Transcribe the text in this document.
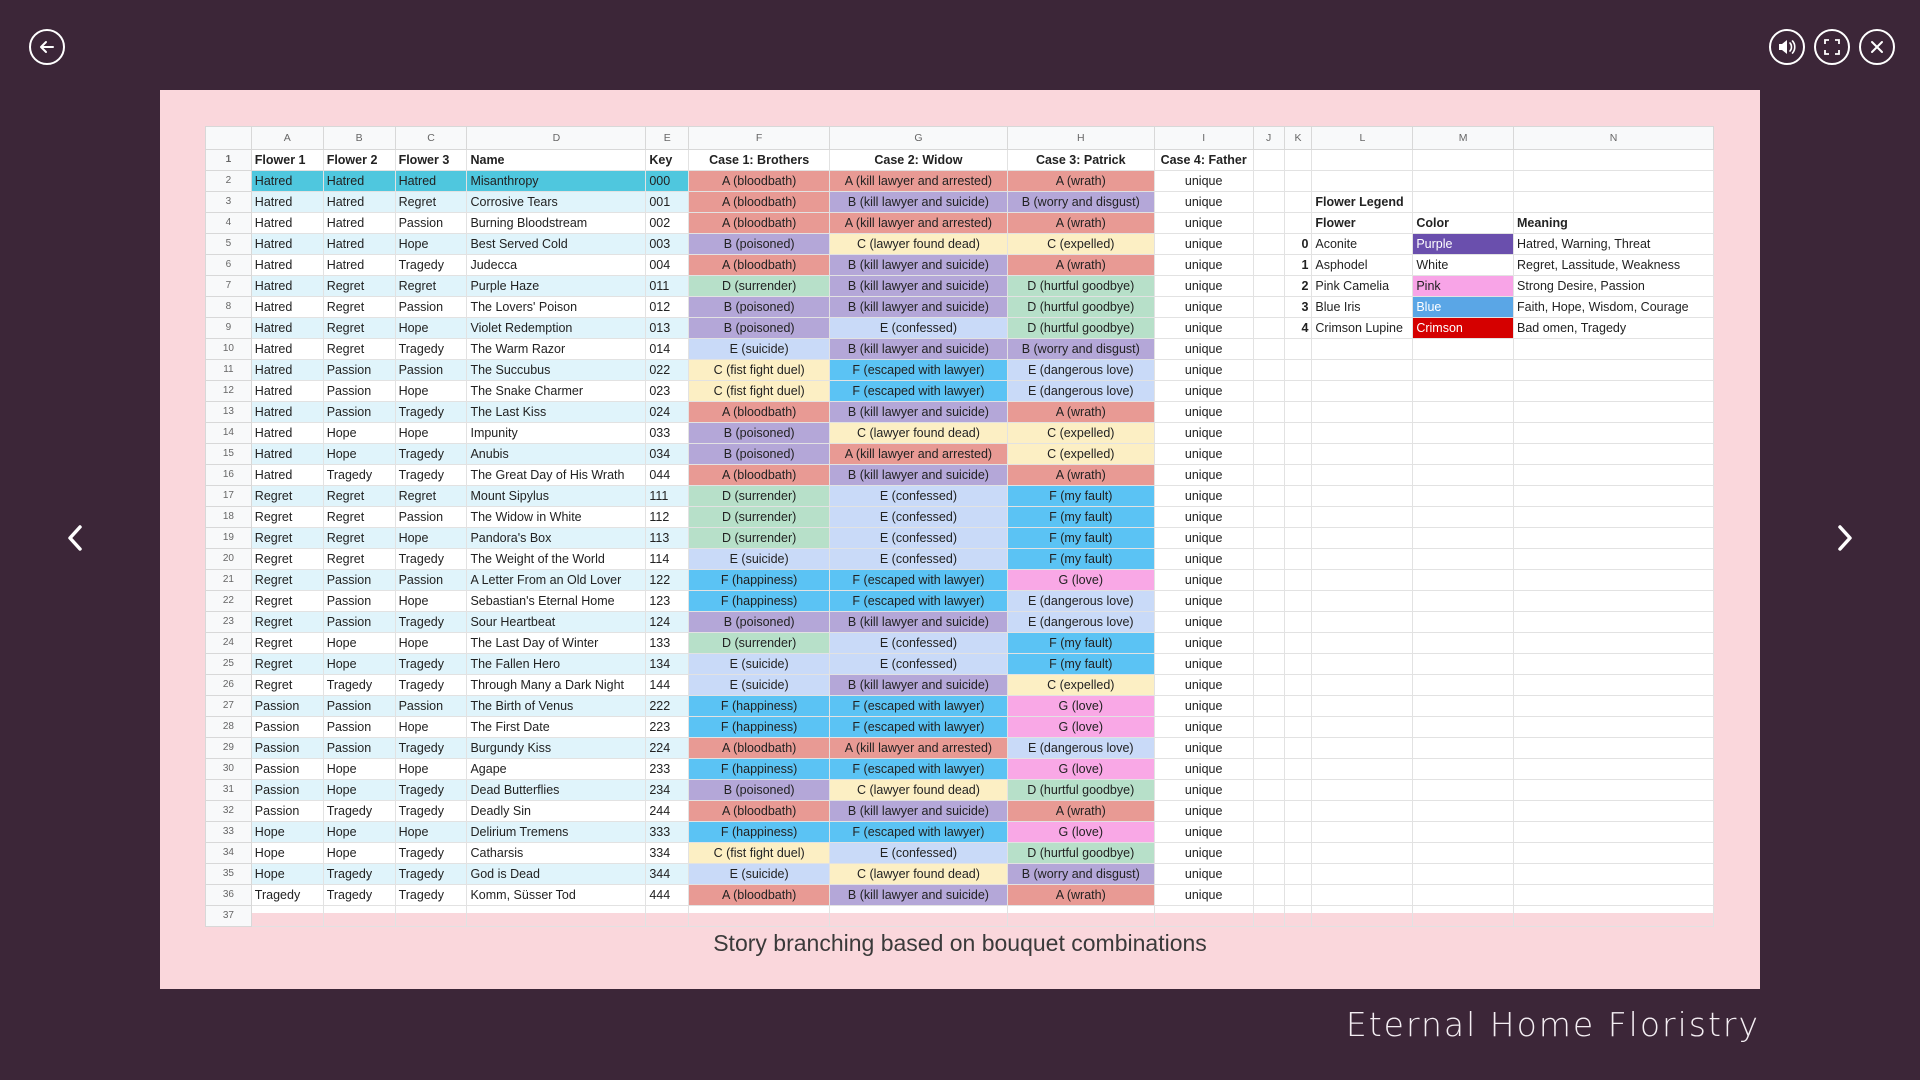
	A	B	C	D	E	F	G	H	I	J	K	L	M	N
1	Flower 1	Flower 2	Flower 3	Name	Key	Case 1: Brothers	Case 2: Widow	Case 3: Patrick	Case 4: Father					
2	Hatred	Hatred	Hatred	Misanthropy	000	A (bloodbath)	A (kill lawyer and arrested)	A (wrath)	unique					
3	Hatred	Hatred	Regret	Corrosive Tears	001	A (bloodbath)	B (kill lawyer and suicide)	B (worry and disgust)	unique			Flower Legend		
4	Hatred	Hatred	Passion	Burning Bloodstream	002	A (bloodbath)	A (kill lawyer and arrested)	A (wrath)	unique			Flower	Color	Meaning
5	Hatred	Hatred	Hope	Best Served Cold	003	B (poisoned)	C (lawyer found dead)	C (expelled)	unique		0	Aconite	Purple	Hatred, Warning, Threat
6	Hatred	Hatred	Tragedy	Judecca	004	A (bloodbath)	B (kill lawyer and suicide)	A (wrath)	unique		1	Asphodel	White	Regret, Lassitude, Weakness
7	Hatred	Regret	Regret	Purple Haze	011	D (surrender)	B (kill lawyer and suicide)	D (hurtful goodbye)	unique		2	Pink Camelia	Pink	Strong Desire, Passion
8	Hatred	Regret	Passion	The Lovers' Poison	012	B (poisoned)	B (kill lawyer and suicide)	D (hurtful goodbye)	unique		3	Blue Iris	Blue	Faith, Hope, Wisdom, Courage
9	Hatred	Regret	Hope	Violet Redemption	013	B (poisoned)	E (confessed)	D (hurtful goodbye)	unique		4	Crimson Lupine	Crimson	Bad omen, Tragedy
10	Hatred	Regret	Tragedy	The Warm Razor	014	E (suicide)	B (kill lawyer and suicide)	B (worry and disgust)	unique					
11	Hatred	Passion	Passion	The Succubus	022	C (fist fight duel)	F (escaped with lawyer)	E (dangerous love)	unique					
12	Hatred	Passion	Hope	The Snake Charmer	023	C (fist fight duel)	F (escaped with lawyer)	E (dangerous love)	unique					
13	Hatred	Passion	Tragedy	The Last Kiss	024	A (bloodbath)	B (kill lawyer and suicide)	A (wrath)	unique					
14	Hatred	Hope	Hope	Impunity	033	B (poisoned)	C (lawyer found dead)	C (expelled)	unique					
15	Hatred	Hope	Tragedy	Anubis	034	B (poisoned)	A (kill lawyer and arrested)	C (expelled)	unique					
16	Hatred	Tragedy	Tragedy	The Great Day of His Wrath	044	A (bloodbath)	B (kill lawyer and suicide)	A (wrath)	unique					
17	Regret	Regret	Regret	Mount Sipylus	111	D (surrender)	E (confessed)	F (my fault)	unique					
18	Regret	Regret	Passion	The Widow in White	112	D (surrender)	E (confessed)	F (my fault)	unique					
19	Regret	Regret	Hope	Pandora's Box	113	D (surrender)	E (confessed)	F (my fault)	unique					
20	Regret	Regret	Tragedy	The Weight of the World	114	E (suicide)	E (confessed)	F (my fault)	unique					
21	Regret	Passion	Passion	A Letter From an Old Lover	122	F (happiness)	F (escaped with lawyer)	G (love)	unique					
22	Regret	Passion	Hope	Sebastian's Eternal Home	123	F (happiness)	F (escaped with lawyer)	E (dangerous love)	unique					
23	Regret	Passion	Tragedy	Sour Heartbeat	124	B (poisoned)	B (kill lawyer and suicide)	E (dangerous love)	unique					
24	Regret	Hope	Hope	The Last Day of Winter	133	D (surrender)	E (confessed)	F (my fault)	unique					
25	Regret	Hope	Tragedy	The Fallen Hero	134	E (suicide)	E (confessed)	F (my fault)	unique					
26	Regret	Tragedy	Tragedy	Through Many a Dark Night	144	E (suicide)	B (kill lawyer and suicide)	C (expelled)	unique					
27	Passion	Passion	Passion	The Birth of Venus	222	F (happiness)	F (escaped with lawyer)	G (love)	unique					
28	Passion	Passion	Hope	The First Date	223	F (happiness)	F (escaped with lawyer)	G (love)	unique					
29	Passion	Passion	Tragedy	Burgundy Kiss	224	A (bloodbath)	A (kill lawyer and arrested)	E (dangerous love)	unique					
30	Passion	Hope	Hope	Agape	233	F (happiness)	F (escaped with lawyer)	G (love)	unique					
31	Passion	Hope	Tragedy	Dead Butterflies	234	B (poisoned)	C (lawyer found dead)	D (hurtful goodbye)	unique					
32	Passion	Tragedy	Tragedy	Deadly Sin	244	A (bloodbath)	B (kill lawyer and suicide)	A (wrath)	unique					
33	Hope	Hope	Hope	Delirium Tremens	333	F (happiness)	F (escaped with lawyer)	G (love)	unique					
34	Hope	Hope	Tragedy	Catharsis	334	C (fist fight duel)	E (confessed)	D (hurtful goodbye)	unique					
35	Hope	Tragedy	Tragedy	God is Dead	344	E (suicide)	C (lawyer found dead)	B (worry and disgust)	unique					
36	Tragedy	Tragedy	Tragedy	Komm, Süsser Tod	444	A (bloodbath)	B (kill lawyer and suicide)	A (wrath)	unique					
37														
Story branching based on bouquet combinations
Eternal Home Floristry
